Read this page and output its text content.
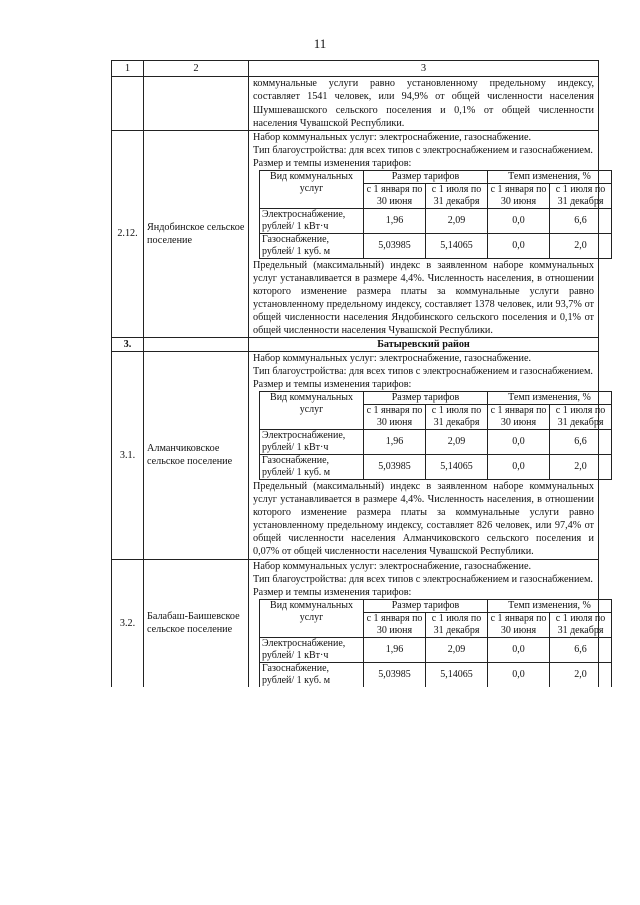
11
1	2	3

коммунальные услуги равно установленному предельному индексу, составляет 1541 человек, или 94,9% от общей численности населения Шумшевашского сельского поселения и 0,1% от общей численности населения Чувашской Республики.

2.12.	Яндобинское сельское поселение	

Набор коммунальных услуг: электроснабжение, газоснабжение.

Тип благоустройства: для всех типов с электроснабжением и газоснабжением.

Размер и темпы изменения тарифов:

Вид коммунальных услуг	Размер тарифов	Темп изменения, %
с 1 января по 30 июня	с 1 июля по 31 декабря	с 1 января по 30 июня	с 1 июля по 31 декабря
Электроснабжение, рублей/ 1 кВт·ч	1,96	2,09	0,0	6,6
Газоснабжение, рублей/ 1 куб. м	5,03985	5,14065	0,0	2,0

Предельный (максимальный) индекс в заявленном наборе коммунальных услуг устанавливается в размере 4,4%. Численность населения, в отношении которого изменение размера платы за коммунальные услуги равно установленному предельному индексу, составляет 1378 человек, или 93,7% от общей численности населения Яндобинского сельского поселения и 0,1% от общей численности населения Чувашской Республики.

3.		Батыревский район
3.1.	Алманчиковское сельское поселение	

Набор коммунальных услуг: электроснабжение, газоснабжение.

Тип благоустройства: для всех типов с электроснабжением и газоснабжением.

Размер и темпы изменения тарифов:

Вид коммунальных услуг	Размер тарифов	Темп изменения, %
с 1 января по 30 июня	с 1 июля по 31 декабря	с 1 января по 30 июня	с 1 июля по 31 декабря
Электроснабжение, рублей/ 1 кВт·ч	1,96	2,09	0,0	6,6
Газоснабжение, рублей/ 1 куб. м	5,03985	5,14065	0,0	2,0

Предельный (максимальный) индекс в заявленном наборе коммунальных услуг устанавливается в размере 4,4%. Численность населения, в отношении которого изменение размера платы за коммунальные услуги равно установленному предельному индексу, составляет 826 человек, или 97,4% от общей численности населения Алманчиковского сельского поселения и 0,07% от общей численности населения Чувашской Республики.

3.2.	Балабаш-Баишевское сельское поселение	

Набор коммунальных услуг: электроснабжение, газоснабжение.

Тип благоустройства: для всех типов с электроснабжением и газоснабжением.

Размер и темпы изменения тарифов:

Вид коммунальных услуг	Размер тарифов	Темп изменения, %
с 1 января по 30 июня	с 1 июля по 31 декабря	с 1 января по 30 июня	с 1 июля по 31 декабря
Электроснабжение, рублей/ 1 кВт·ч	1,96	2,09	0,0	6,6
Газоснабжение, рублей/ 1 куб. м	5,03985	5,14065	0,0	2,0
